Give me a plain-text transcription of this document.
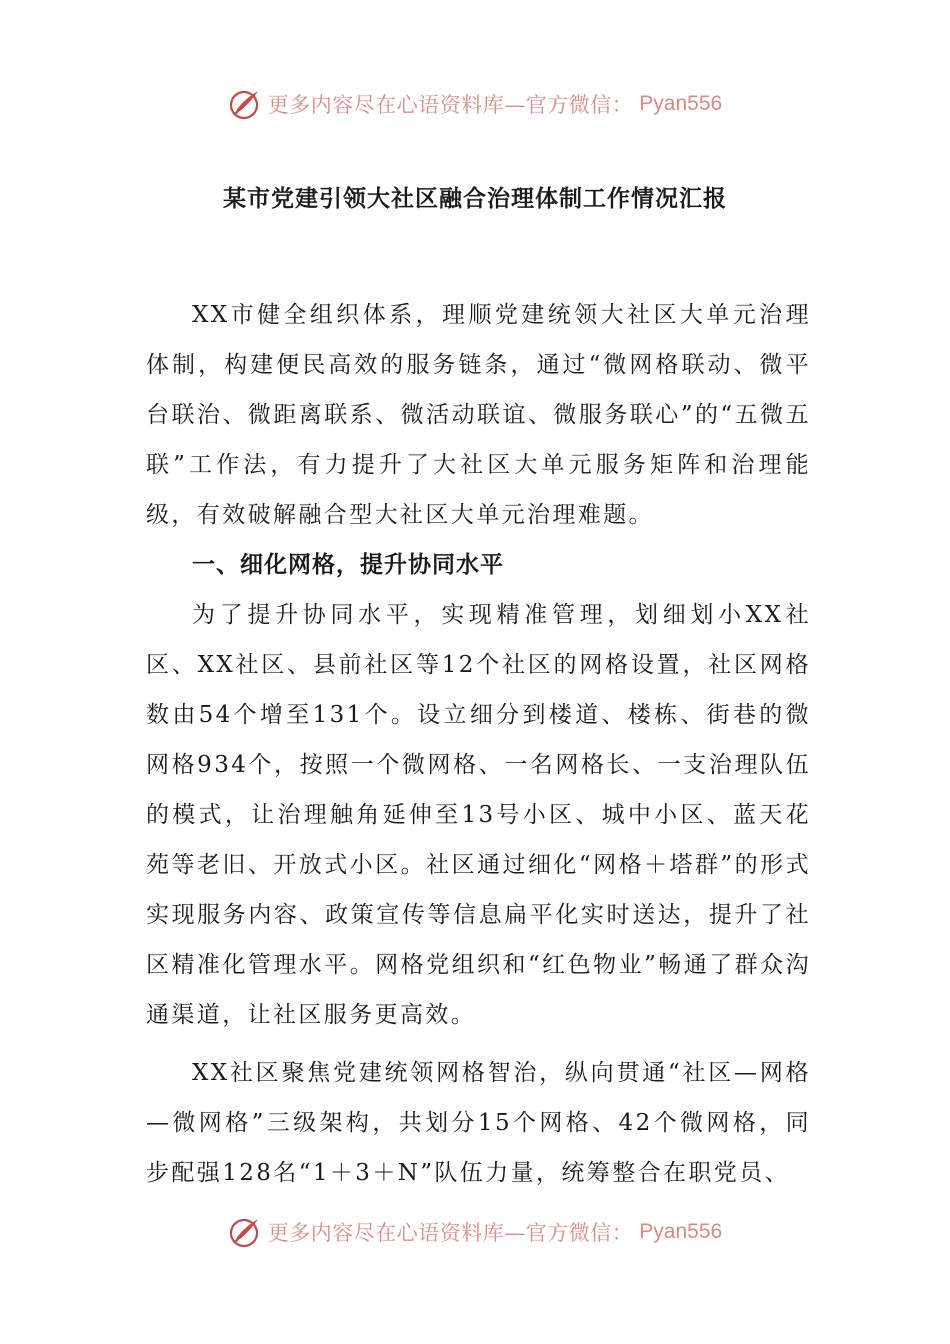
更多内容尽在心语资料库—官方微信： Pyan556
某市党建引领大社区融合治理体制工作情况汇报

XX市健全组织体系，理顺党建统领大社区大单元治理体制，构建便民高效的服务链条，通过“微网格联动、微平台联治、微距离联系、微活动联谊、微服务联心”的“五微五联”工作法，有力提升了大社区大单元服务矩阵和治理能级，有效破解融合型大社区大单元治理难题。

一、细化网格，提升协同水平

为了提升协同水平，实现精准管理，划细划小XX社区、XX社区、县前社区等12个社区的网格设置，社区网格数由54个增至131个。设立细分到楼道、楼栋、街巷的微网格934个，按照一个微网格、一名网格长、一支治理队伍的模式，让治理触角延伸至13号小区、城中小区、蓝天花苑等老旧、开放式小区。社区通过细化“网格＋塔群”的形式实现服务内容、政策宣传等信息扁平化实时送达，提升了社区精准化管理水平。网格党组织和“红色物业”畅通了群众沟通渠道，让社区服务更高效。

XX社区聚焦党建统领网格智治，纵向贯通“社区—网格—微网格”三级架构，共划分15个网格、42个微网格，同步配强128名“1＋3＋N”队伍力量，统筹整合在职党员、

更多内容尽在心语资料库—官方微信： Pyan556
